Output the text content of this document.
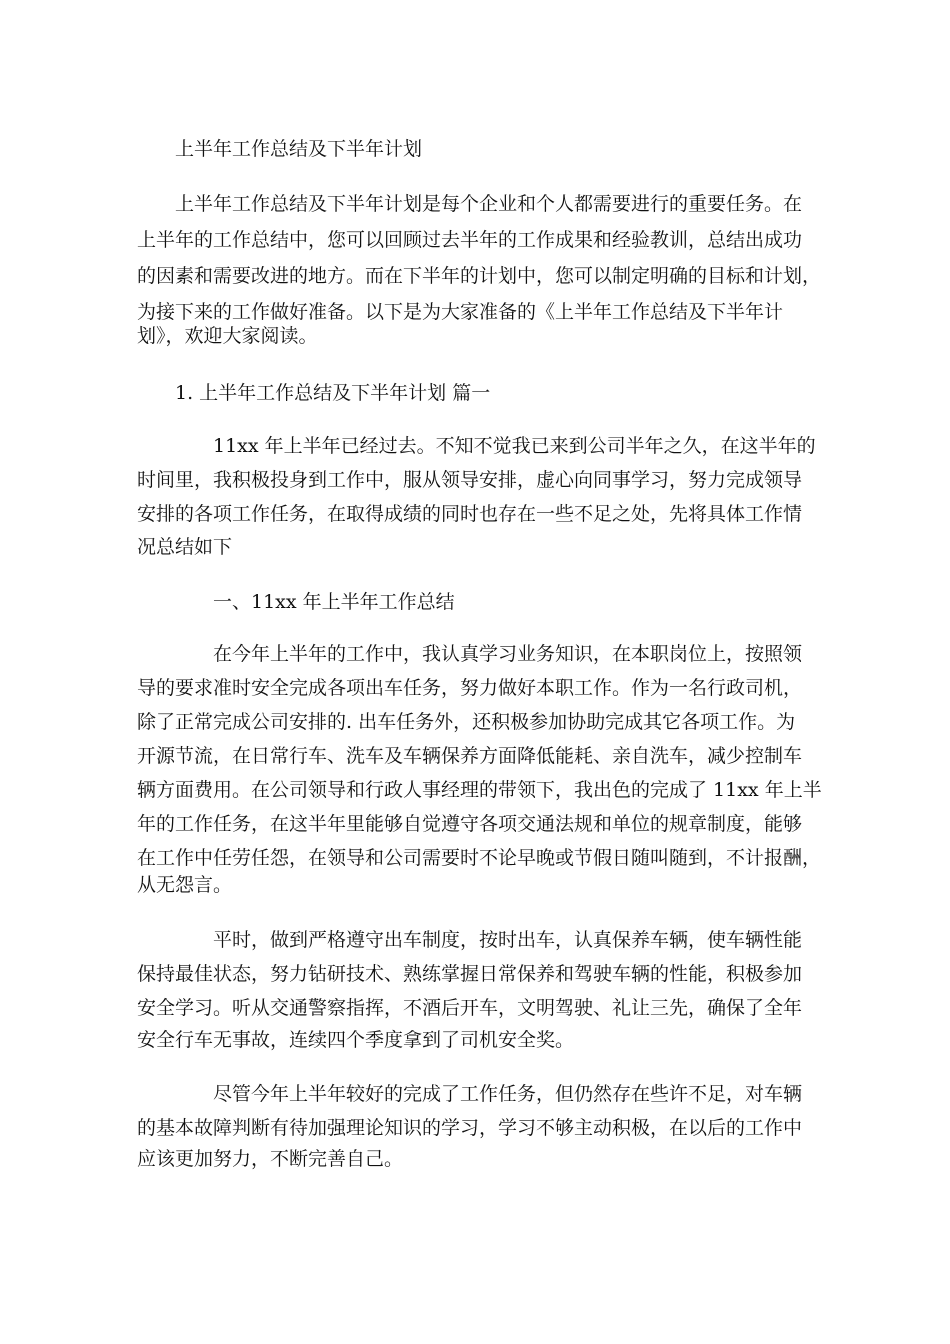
上半年工作总结及下半年计划

上半年工作总结及下半年计划是每个企业和个人都需要进行的重要任务。在

上半年的工作总结中，您可以回顾过去半年的工作成果和经验教训，总结出成功

的因素和需要改进的地方。而在下半年的计划中，您可以制定明确的目标和计划，

为接下来的工作做好准备。以下是为大家准备的《上半年工作总结及下半年计

划》，欢迎大家阅读。

1. 上半年工作总结及下半年计划 篇一

11xx 年上半年已经过去。不知不觉我已来到公司半年之久，在这半年的

时间里，我积极投身到工作中，服从领导安排，虚心向同事学习，努力完成领导

安排的各项工作任务，在取得成绩的同时也存在一些不足之处，先将具体工作情

况总结如下

一、11xx 年上半年工作总结

在今年上半年的工作中，我认真学习业务知识，在本职岗位上，按照领

导的要求准时安全完成各项出车任务，努力做好本职工作。作为一名行政司机，

除了正常完成公司安排的. 出车任务外，还积极参加协助完成其它各项工作。为

开源节流，在日常行车、洗车及车辆保养方面降低能耗、亲自洗车，减少控制车

辆方面费用。在公司领导和行政人事经理的带领下，我出色的完成了 11xx 年上半

年的工作任务，在这半年里能够自觉遵守各项交通法规和单位的规章制度，能够

在工作中任劳任怨，在领导和公司需要时不论早晚或节假日随叫随到，不计报酬，

从无怨言。

平时，做到严格遵守出车制度，按时出车，认真保养车辆，使车辆性能

保持最佳状态，努力钻研技术、熟练掌握日常保养和驾驶车辆的性能，积极参加

安全学习。听从交通警察指挥，不酒后开车，文明驾驶、礼让三先，确保了全年

安全行车无事故，连续四个季度拿到了司机安全奖。

尽管今年上半年较好的完成了工作任务，但仍然存在些许不足，对车辆

的基本故障判断有待加强理论知识的学习，学习不够主动积极，在以后的工作中

应该更加努力，不断完善自己。
